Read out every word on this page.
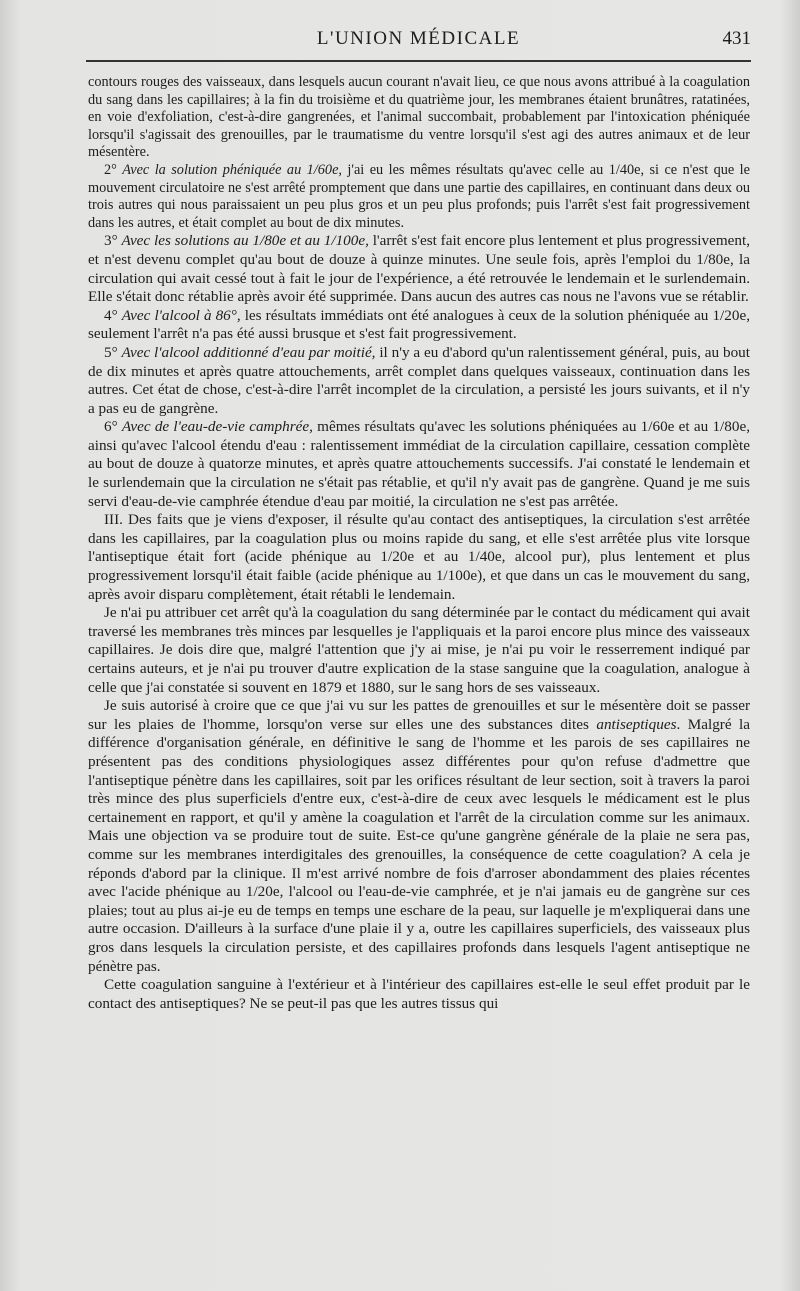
L'UNION MÉDICALE	431

contours rouges des vaisseaux, dans lesquels aucun courant n'avait lieu, ce que nous avons attribué à la coagulation du sang dans les capillaires; à la fin du troisième et du quatrième jour, les membranes étaient brunâtres, ratatinées, en voie d'exfoliation, c'est-à-dire gangrenées, et l'animal succombait, probablement par l'intoxication phéniquée lorsqu'il s'agissait des grenouilles, par le traumatisme du ventre lorsqu'il s'est agi des autres animaux et de leur mésentère.

2° Avec la solution phéniquée au 1/60e, j'ai eu les mêmes résultats qu'avec celle au 1/40e, si ce n'est que le mouvement circulatoire ne s'est arrêté promptement que dans une partie des capillaires, en continuant dans deux ou trois autres qui nous paraissaient un peu plus gros et un peu plus profonds; puis l'arrêt s'est fait progressivement dans les autres, et était complet au bout de dix minutes.

3° Avec les solutions au 1/80e et au 1/100e, l'arrêt s'est fait encore plus lentement et plus progressivement, et n'est devenu complet qu'au bout de douze à quinze minutes. Une seule fois, après l'emploi du 1/80e, la circulation qui avait cessé tout à fait le jour de l'expérience, a été retrouvée le lendemain et le surlendemain. Elle s'était donc rétablie après avoir été supprimée. Dans aucun des autres cas nous ne l'avons vue se rétablir.

4° Avec l'alcool à 86°, les résultats immédiats ont été analogues à ceux de la solution phéniquée au 1/20e, seulement l'arrêt n'a pas été aussi brusque et s'est fait progressivement.

5° Avec l'alcool additionné d'eau par moitié, il n'y a eu d'abord qu'un ralentissement général, puis, au bout de dix minutes et après quatre attouchements, arrêt complet dans quelques vaisseaux, continuation dans les autres. Cet état de chose, c'est-à-dire l'arrêt incomplet de la circulation, a persisté les jours suivants, et il n'y a pas eu de gangrène.

6° Avec de l'eau-de-vie camphrée, mêmes résultats qu'avec les solutions phéniquées au 1/60e et au 1/80e, ainsi qu'avec l'alcool étendu d'eau : ralentissement immédiat de la circulation capillaire, cessation complète au bout de douze à quatorze minutes, et après quatre attouchements successifs. J'ai constaté le lendemain et le surlendemain que la circulation ne s'était pas rétablie, et qu'il n'y avait pas de gangrène. Quand je me suis servi d'eau-de-vie camphrée étendue d'eau par moitié, la circulation ne s'est pas arrêtée.

III. Des faits que je viens d'exposer, il résulte qu'au contact des antiseptiques, la circulation s'est arrêtée dans les capillaires, par la coagulation plus ou moins rapide du sang, et elle s'est arrêtée plus vite lorsque l'antiseptique était fort (acide phénique au 1/20e et au 1/40e, alcool pur), plus lentement et plus progressivement lorsqu'il était faible (acide phénique au 1/100e), et que dans un cas le mouvement du sang, après avoir disparu complètement, était rétabli le lendemain.

Je n'ai pu attribuer cet arrêt qu'à la coagulation du sang déterminée par le contact du médicament qui avait traversé les membranes très minces par lesquelles je l'appliquais et la paroi encore plus mince des vaisseaux capillaires. Je dois dire que, malgré l'attention que j'y ai mise, je n'ai pu voir le resserrement indiqué par certains auteurs, et je n'ai pu trouver d'autre explication de la stase sanguine que la coagulation, analogue à celle que j'ai constatée si souvent en 1879 et 1880, sur le sang hors de ses vaisseaux.

Je suis autorisé à croire que ce que j'ai vu sur les pattes de grenouilles et sur le mésentère doit se passer sur les plaies de l'homme, lorsqu'on verse sur elles une des substances dites antiseptiques. Malgré la différence d'organisation générale, en définitive le sang de l'homme et les parois de ses capillaires ne présentent pas des conditions physiologiques assez différentes pour qu'on refuse d'admettre que l'antiseptique pénètre dans les capillaires, soit par les orifices résultant de leur section, soit à travers la paroi très mince des plus superficiels d'entre eux, c'est-à-dire de ceux avec lesquels le médicament est le plus certainement en rapport, et qu'il y amène la coagulation et l'arrêt de la circulation comme sur les animaux. Mais une objection va se produire tout de suite. Est-ce qu'une gangrène générale de la plaie ne sera pas, comme sur les membranes interdigitales des grenouilles, la conséquence de cette coagulation? A cela je réponds d'abord par la clinique. Il m'est arrivé nombre de fois d'arroser abondamment des plaies récentes avec l'acide phénique au 1/20e, l'alcool ou l'eau-de-vie camphrée, et je n'ai jamais eu de gangrène sur ces plaies; tout au plus ai-je eu de temps en temps une eschare de la peau, sur laquelle je m'expliquerai dans une autre occasion. D'ailleurs à la surface d'une plaie il y a, outre les capillaires superficiels, des vaisseaux plus gros dans lesquels la circulation persiste, et des capillaires profonds dans lesquels l'agent antiseptique ne pénètre pas.

Cette coagulation sanguine à l'extérieur et à l'intérieur des capillaires est-elle le seul effet produit par le contact des antiseptiques? Ne se peut-il pas que les autres tissus qui
